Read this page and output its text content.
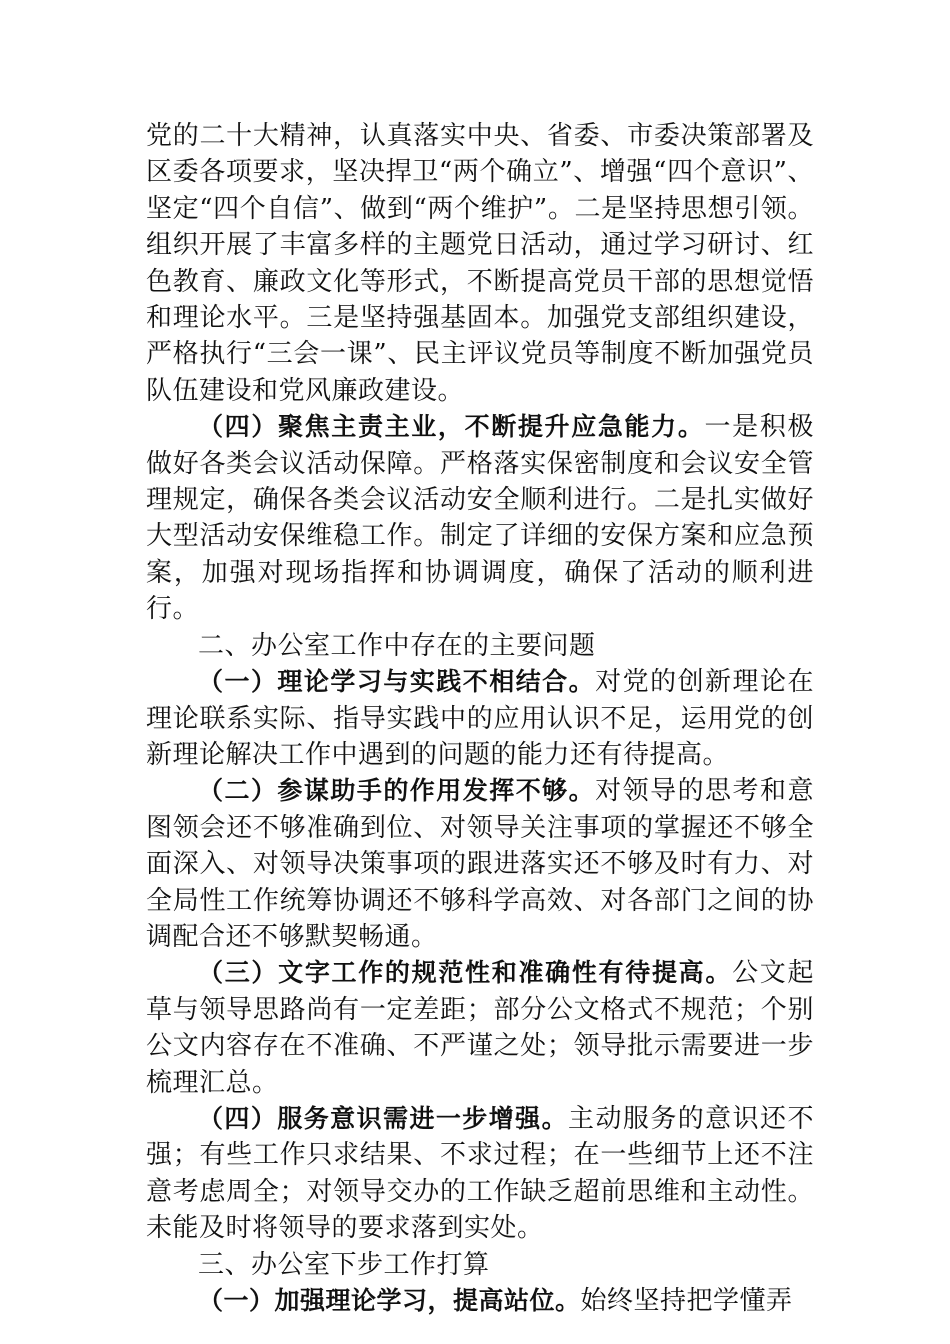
党的二十大精神，认真落实中央、省委、市委决策部署及区委各项要求，坚决捍卫“两个确立”、增强“四个意识”、坚定“四个自信”、做到“两个维护”。二是坚持思想引领。组织开展了丰富多样的主题党日活动，通过学习研讨、红色教育、廉政文化等形式，不断提高党员干部的思想觉悟和理论水平。三是坚持强基固本。加强党支部组织建设，严格执行“三会一课”、民主评议党员等制度不断加强党员队伍建设和党风廉政建设。

（四）聚焦主责主业，不断提升应急能力。一是积极做好各类会议活动保障。严格落实保密制度和会议安全管理规定，确保各类会议活动安全顺利进行。二是扎实做好大型活动安保维稳工作。制定了详细的安保方案和应急预案，加强对现场指挥和协调调度，确保了活动的顺利进行。

二、办公室工作中存在的主要问题

（一）理论学习与实践不相结合。对党的创新理论在理论联系实际、指导实践中的应用认识不足，运用党的创新理论解决工作中遇到的问题的能力还有待提高。

（二）参谋助手的作用发挥不够。对领导的思考和意图领会还不够准确到位、对领导关注事项的掌握还不够全面深入、对领导决策事项的跟进落实还不够及时有力、对全局性工作统筹协调还不够科学高效、对各部门之间的协调配合还不够默契畅通。

（三）文字工作的规范性和准确性有待提高。公文起草与领导思路尚有一定差距；部分公文格式不规范；个别公文内容存在不准确、不严谨之处；领导批示需要进一步梳理汇总。

（四）服务意识需进一步增强。主动服务的意识还不强；有些工作只求结果、不求过程；在一些细节上还不注意考虑周全；对领导交办的工作缺乏超前思维和主动性。未能及时将领导的要求落到实处。

三、办公室下步工作打算

（一）加强理论学习，提高站位。始终坚持把学懂弄
